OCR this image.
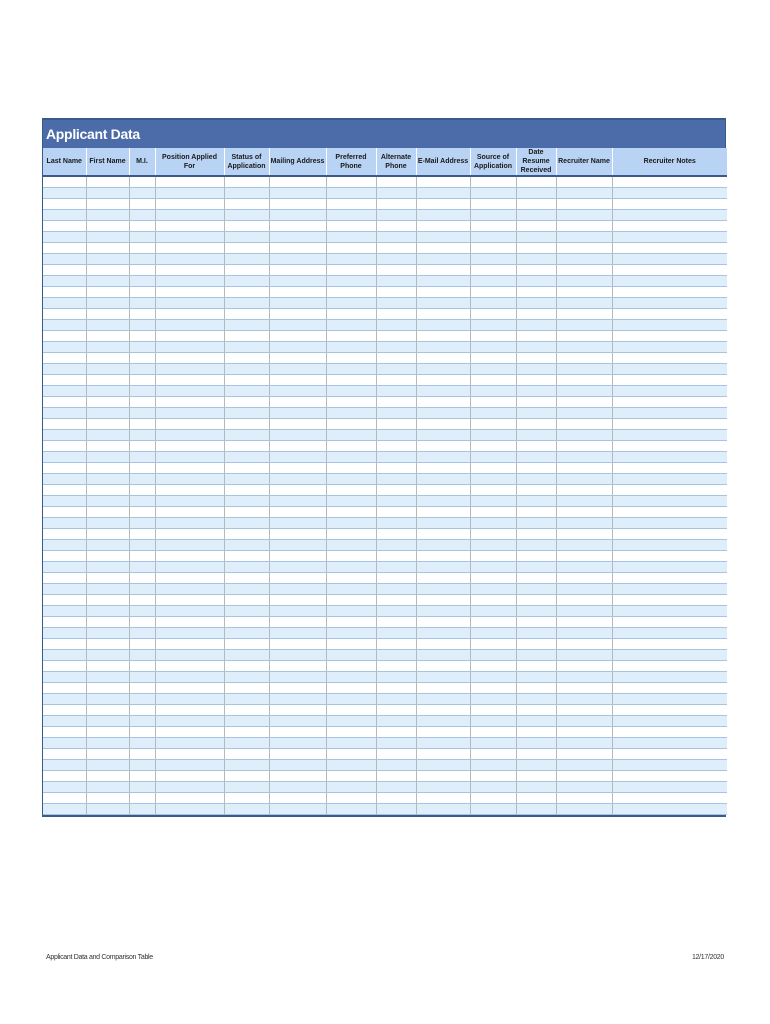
Applicant Data
Last Name	First Name	M.I.	Position Applied For	Status of Application	Mailing Address	Preferred Phone	Alternate Phone	E-Mail Address	Source of Application	Date Resume Received	Recruiter Name	Recruiter Notes

Applicant Data and Comparison Table	12/17/2020
